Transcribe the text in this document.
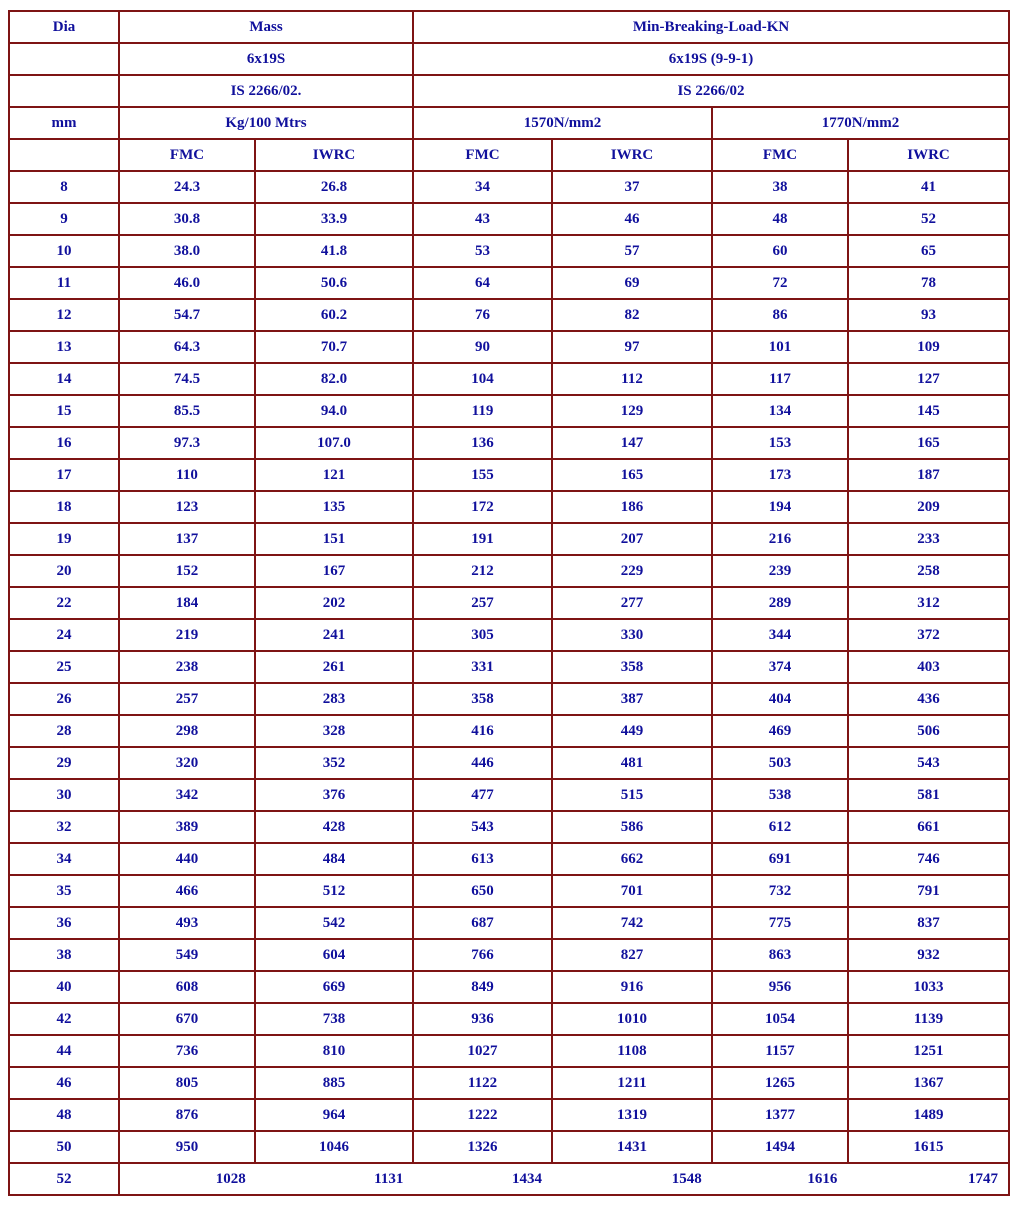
Dia	Mass		Min-Breaking-Load-KN			
	6x19S		6x19S (9-9-1)			
	IS 2266/02.		IS 2266/02			
mm	Kg/100 Mtrs		1570N/mm2		1770N/mm2	
	FMC	IWRC	FMC	IWRC	FMC	IWRC
8	24.3	26.8	34	37	38	41
9	30.8	33.9	43	46	48	52
10	38.0	41.8	53	57	60	65
11	46.0	50.6	64	69	72	78
12	54.7	60.2	76	82	86	93
13	64.3	70.7	90	97	101	109
14	74.5	82.0	104	112	117	127
15	85.5	94.0	119	129	134	145
16	97.3	107.0	136	147	153	165
17	110	121	155	165	173	187
18	123	135	172	186	194	209
19	137	151	191	207	216	233
20	152	167	212	229	239	258
22	184	202	257	277	289	312
24	219	241	305	330	344	372
25	238	261	331	358	374	403
26	257	283	358	387	404	436
28	298	328	416	449	469	506
29	320	352	446	481	503	543
30	342	376	477	515	538	581
32	389	428	543	586	612	661
34	440	484	613	662	691	746
35	466	512	650	701	732	791
36	493	542	687	742	775	837
38	549	604	766	827	863	932
40	608	669	849	916	956	1033
42	670	738	936	1010	1054	1139
44	736	810	1027	1108	1157	1251
46	805	885	1122	1211	1265	1367
48	876	964	1222	1319	1377	1489
50	950	1046	1326	1431	1494	1615
52	1028	1131	1434	1548	1616	1747
